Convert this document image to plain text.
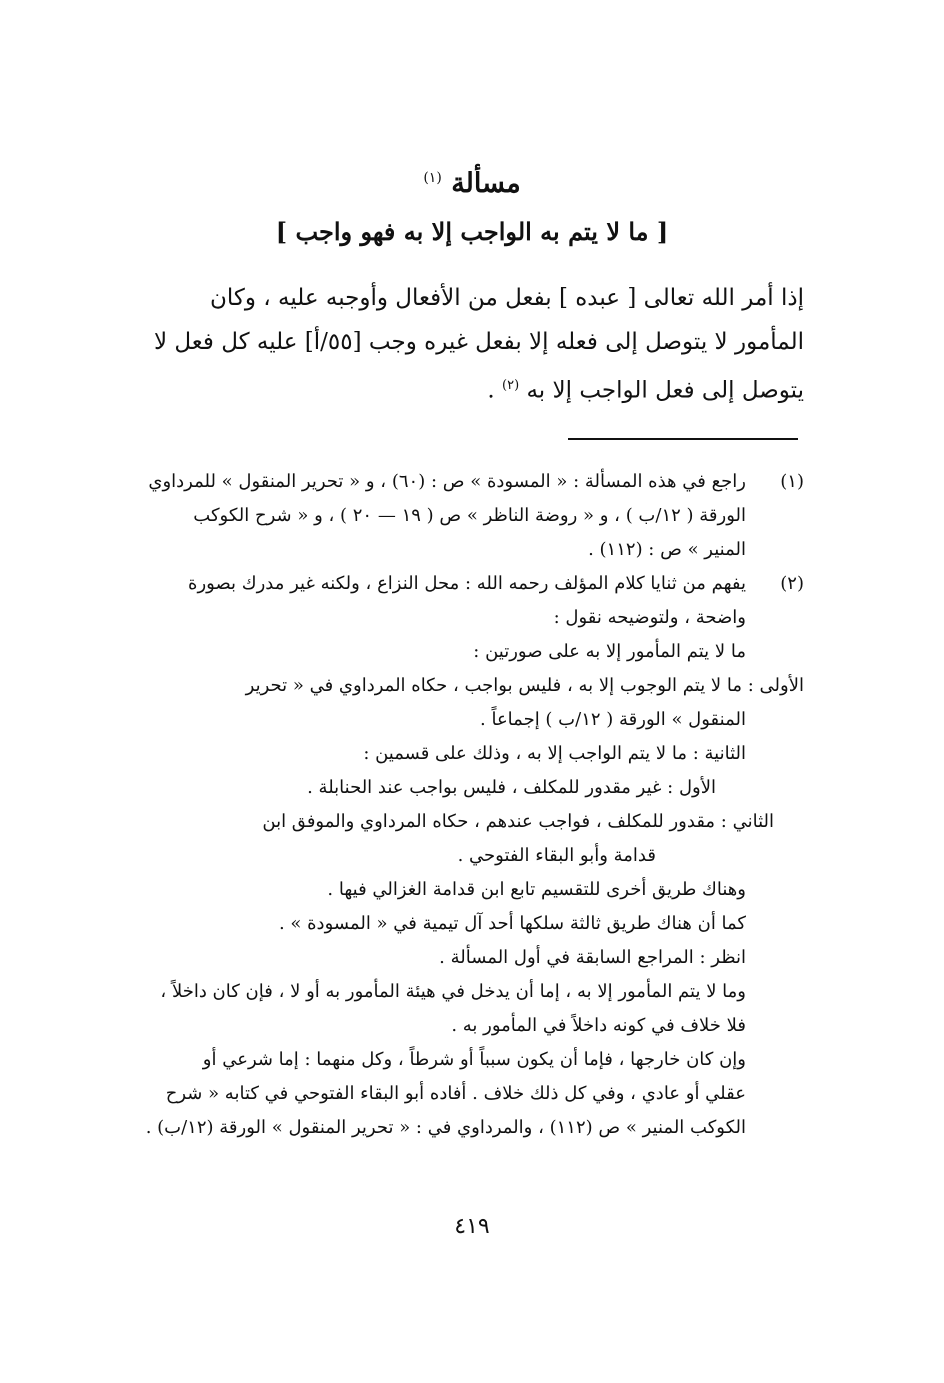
مسألة $^{(١)}$
[ ما لا يتم به الواجب إلا به فهو واجب ]

إذا أمر الله تعالى [ عبده ] بفعل من الأفعال وأوجبه عليه ، وكان

المأمور لا يتوصل إلى فعله إلا بفعل غيره وجب [٥٥/أ] عليه كل فعل لا

يتوصل إلى فعل الواجب إلا به $^{(٢)}$ .

(١)
راجع في هذه المسألة : « المسودة » ص : (٦٠) ، و « تحرير المنقول » للمرداوي
الورقة ( ١٢/ب ) ، و « روضة الناظر » ص ( ١٩ — ٢٠ ) ، و « شرح الكوكب
المنير » ص : (١١٢) .
(٢)
يفهم من ثنايا كلام المؤلف رحمه الله : محل النزاع ، ولكنه غير مدرك بصورة
واضحة ، ولتوضيحه نقول :
ما لا يتم المأمور إلا به على صورتين :
الأولى : ما لا يتم الوجوب إلا به ، فليس بواجب ، حكاه المرداوي في « تحرير
المنقول » الورقة ( ١٢/ب ) إجماعاً .
الثانية : ما لا يتم الواجب إلا به ، وذلك على قسمين :
الأول : غير مقدور للمكلف ، فليس بواجب عند الحنابلة .
الثاني : مقدور للمكلف ، فواجب عندهم ، حكاه المرداوي والموفق ابن
قدامة وأبو البقاء الفتوحي .
وهناك طريق أخرى للتقسيم تابع ابن قدامة الغزالي فيها .
كما أن هناك طريق ثالثة سلكها أحد آل تيمية في « المسودة » .
انظر : المراجع السابقة في أول المسألة .
وما لا يتم المأمور إلا به ، إما أن يدخل في هيئة المأمور به أو لا ، فإن كان داخلاً ،
فلا خلاف في كونه داخلاً في المأمور به .
وإن كان خارجها ، فإما أن يكون سبباً أو شرطاً ، وكل منهما : إما شرعي أو
عقلي أو عادي ، وفي كل ذلك خلاف . أفاده أبو البقاء الفتوحي في كتابه « شرح
الكوكب المنير » ص (١١٢) ، والمرداوي في : « تحرير المنقول » الورقة (١٢/ب) .
٤١٩
